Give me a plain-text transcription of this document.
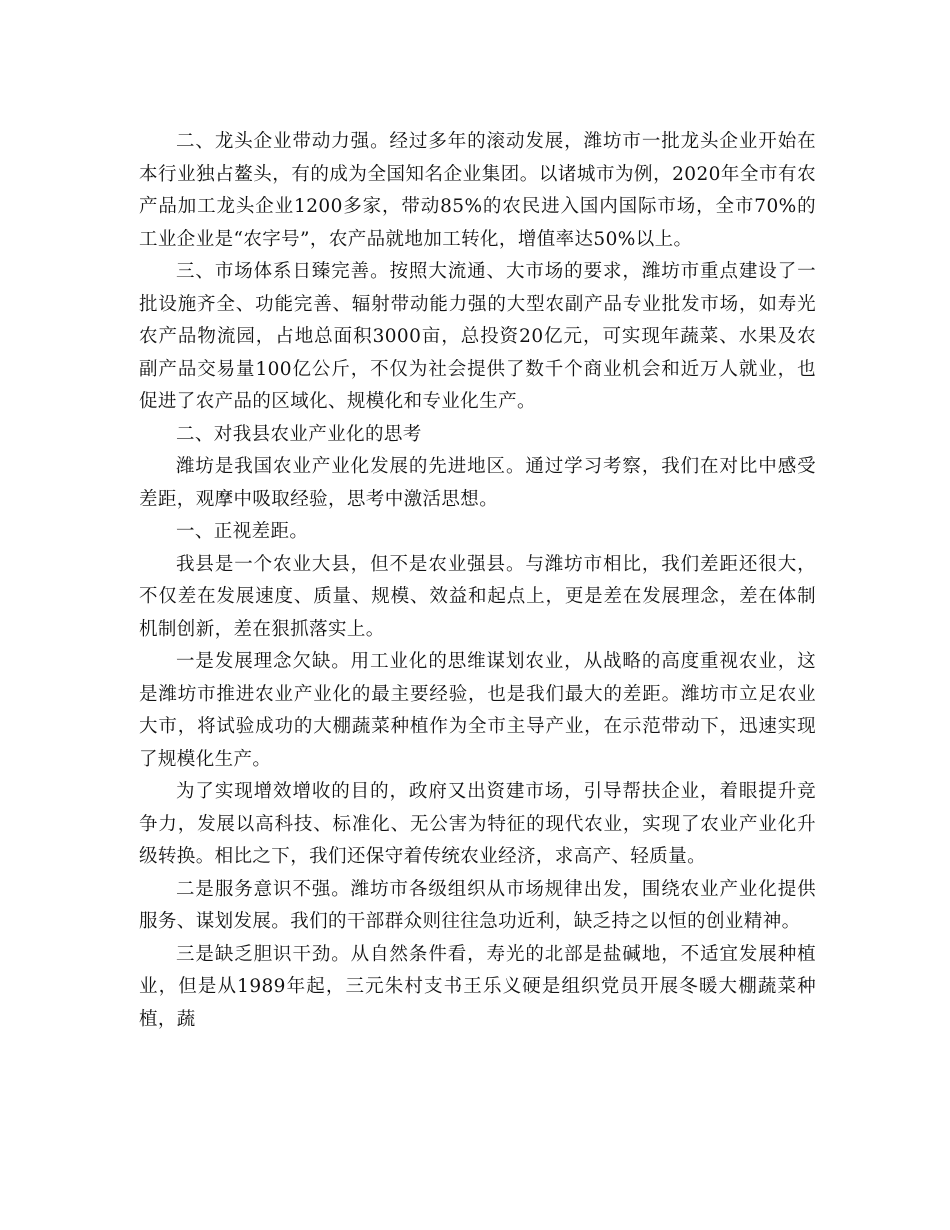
二、龙头企业带动力强。经过多年的滚动发展，潍坊市一批龙头企业开始在本行业独占鳌头，有的成为全国知名企业集团。以诸城市为例，2020年全市有农产品加工龙头企业1200多家，带动85%的农民进入国内国际市场，全市70%的工业企业是“农字号”，农产品就地加工转化，增值率达50%以上。

三、市场体系日臻完善。按照大流通、大市场的要求，潍坊市重点建设了一批设施齐全、功能完善、辐射带动能力强的大型农副产品专业批发市场，如寿光农产品物流园，占地总面积3000亩，总投资20亿元，可实现年蔬菜、水果及农副产品交易量100亿公斤，不仅为社会提供了数千个商业机会和近万人就业，也促进了农产品的区域化、规模化和专业化生产。

二、对我县农业产业化的思考

潍坊是我国农业产业化发展的先进地区。通过学习考察，我们在对比中感受差距，观摩中吸取经验，思考中激活思想。

一、正视差距。

我县是一个农业大县，但不是农业强县。与潍坊市相比，我们差距还很大，不仅差在发展速度、质量、规模、效益和起点上，更是差在发展理念，差在体制机制创新，差在狠抓落实上。

一是发展理念欠缺。用工业化的思维谋划农业，从战略的高度重视农业，这是潍坊市推进农业产业化的最主要经验，也是我们最大的差距。潍坊市立足农业大市，将试验成功的大棚蔬菜种植作为全市主导产业，在示范带动下，迅速实现了规模化生产。

为了实现增效增收的目的，政府又出资建市场，引导帮扶企业，着眼提升竞争力，发展以高科技、标准化、无公害为特征的现代农业，实现了农业产业化升级转换。相比之下，我们还保守着传统农业经济，求高产、轻质量。

二是服务意识不强。潍坊市各级组织从市场规律出发，围绕农业产业化提供服务、谋划发展。我们的干部群众则往往急功近利，缺乏持之以恒的创业精神。

三是缺乏胆识干劲。从自然条件看，寿光的北部是盐碱地，不适宜发展种植业，但是从1989年起，三元朱村支书王乐义硬是组织党员开展冬暖大棚蔬菜种植，蔬
